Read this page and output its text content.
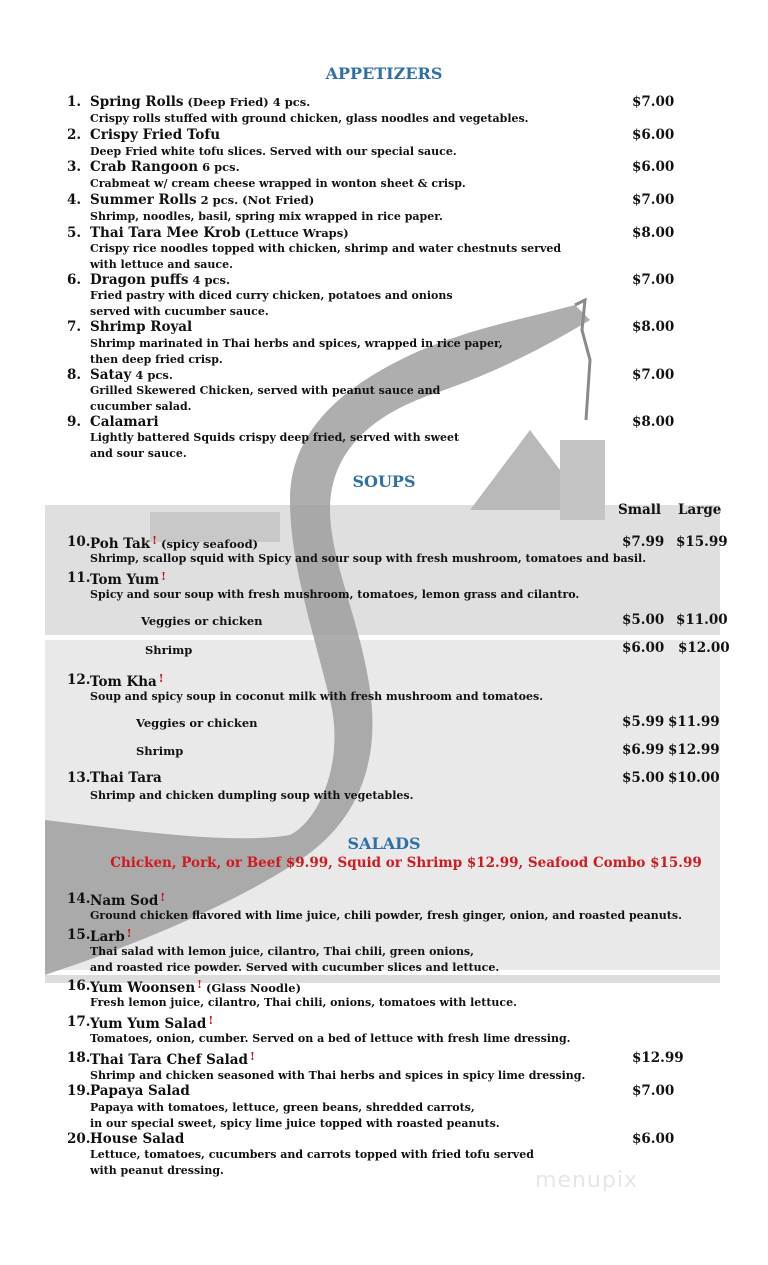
APPETIZERS
1. Spring Rolls (Deep Fried) 4 pcs.	$7.00
Crispy rolls stuffed with ground chicken, glass noodles and vegetables.
2. Crispy Fried Tofu	$6.00
Deep Fried white tofu slices. Served with our special sauce.
3. Crab Rangoon 6 pcs.	$6.00
Crabmeat w/ cream cheese wrapped in wonton sheet & crisp.
4. Summer Rolls 2 pcs. (Not Fried)	$7.00
Shrimp, noodles, basil, spring mix wrapped in rice paper.
5. Thai Tara Mee Krob (Lettuce Wraps)	$8.00
Crispy rice noodles topped with chicken, shrimp and water chestnuts served
with lettuce and sauce.
6. Dragon puffs 4 pcs.	$7.00
Fried pastry with diced curry chicken, potatoes and onions
served with cucumber sauce.
7. Shrimp Royal	$8.00
Shrimp marinated in Thai herbs and spices, wrapped in rice paper,
then deep fried crisp.
8. Satay 4 pcs.	$7.00
Grilled Skewered Chicken, served with peanut sauce and
cucumber salad.
9. Calamari	$8.00
Lightly battered Squids crispy deep fried, served with sweet
and sour sauce.
SOUPS
Small Large
10. Poh Tak ! (spicy seafood)	$7.99 $15.99
Shrimp, scallop squid with Spicy and sour soup with fresh mushroom, tomatoes and basil.
11. Tom Yum !
Spicy and sour soup with fresh mushroom, tomatoes, lemon grass and cilantro.
Veggies or chicken	$5.00 $11.00
Shrimp	$6.00 $12.00
12. Tom Kha !
Soup and spicy soup in coconut milk with fresh mushroom and tomatoes.
Veggies or chicken	$5.99 $11.99
Shrimp	$6.99 $12.99
13. Thai Tara	$5.00 $10.00
Shrimp and chicken dumpling soup with vegetables.
SALADS
Chicken, Pork, or Beef $9.99, Squid or Shrimp $12.99, Seafood Combo $15.99
14. Nam Sod !
Ground chicken flavored with lime juice, chili powder, fresh ginger, onion, and roasted peanuts.
15. Larb !
Thai salad with lemon juice, cilantro, Thai chili, green onions,
and roasted rice powder. Served with cucumber slices and lettuce.
16. Yum Woonsen ! (Glass Noodle)
Fresh lemon juice, cilantro, Thai chili, onions, tomatoes with lettuce.
17. Yum Yum Salad !
Tomatoes, onion, cumber. Served on a bed of lettuce with fresh lime dressing.
18. Thai Tara Chef Salad !	$12.99
Shrimp and chicken seasoned with Thai herbs and spices in spicy lime dressing.
19. Papaya Salad	$7.00
Papaya with tomatoes, lettuce, green beans, shredded carrots,
in our special sweet, spicy lime juice topped with roasted peanuts.
20. House Salad	$6.00
Lettuce, tomatoes, cucumbers and carrots topped with fried tofu served
with peanut dressing.	menupix
